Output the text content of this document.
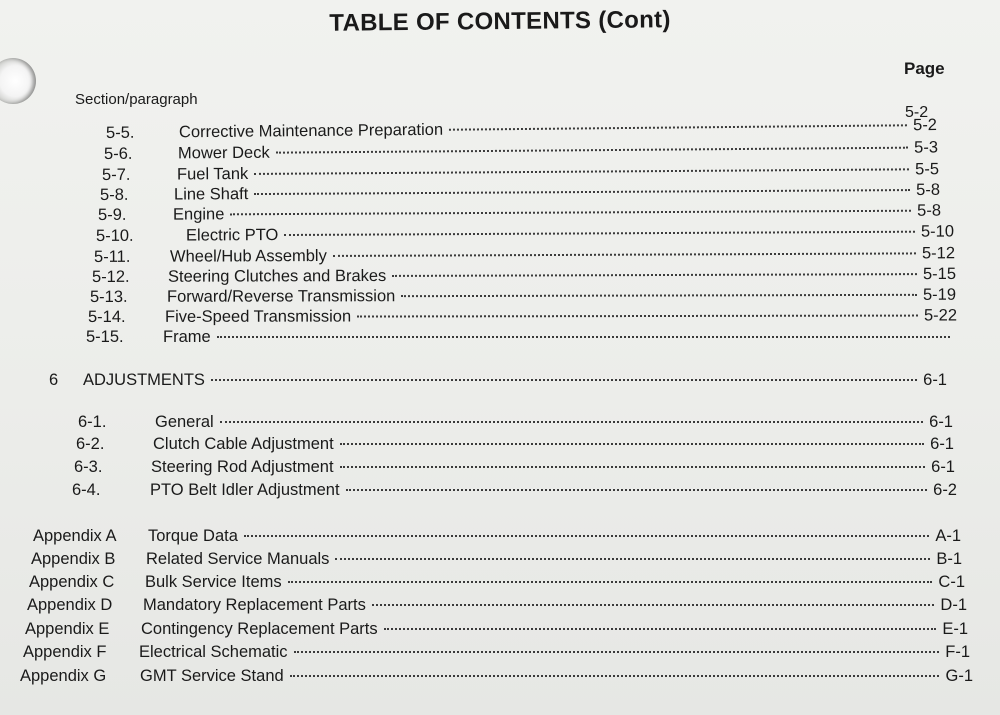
TABLE OF CONTENTS (Cont)
Page
Section/paragraph
5-2
5-5.	Corrective Maintenance Preparation	5-2
5-6.	Mower Deck	5-3
5-7.	Fuel Tank	5-5
5-8.	Line Shaft	5-8
5-9.	Engine	5-8
5-10.	Electric PTO	5-10
5-11.	Wheel/Hub Assembly	5-12
5-12.	Steering Clutches and Brakes	5-15
5-13.	Forward/Reverse Transmission	5-19
5-14.	Five-Speed Transmission	5-22
5-15.	Frame
6	ADJUSTMENTS	6-1
6-1.	General	6-1
6-2.	Clutch Cable Adjustment	6-1
6-3.	Steering Rod Adjustment	6-1
6-4.	PTO Belt Idler Adjustment	6-2
Appendix A	Torque Data	A-1
Appendix B	Related Service Manuals	B-1
Appendix C	Bulk Service Items	C-1
Appendix D	Mandatory Replacement Parts	D-1
Appendix E	Contingency Replacement Parts	E-1
Appendix F	Electrical Schematic	F-1
Appendix G	GMT Service Stand	G-1
